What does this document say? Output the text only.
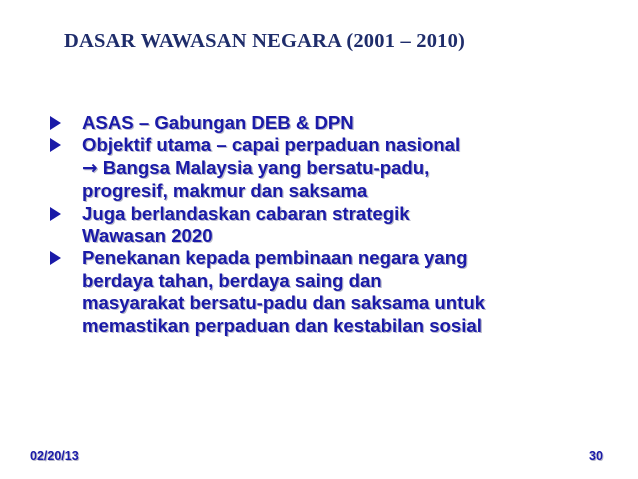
DASAR WAWASAN NEGARA (2001 – 2010)
ASAS – Gabungan DEB & DPN
Objektif utama – capai perpaduan nasional
→ Bangsa Malaysia yang bersatu-padu,
progresif, makmur dan saksama
Juga berlandaskan cabaran strategik
Wawasan 2020
Penekanan kepada pembinaan negara yang
berdaya tahan, berdaya saing dan
masyarakat bersatu-padu dan saksama untuk
memastikan perpaduan dan kestabilan sosial
02/20/13	30
